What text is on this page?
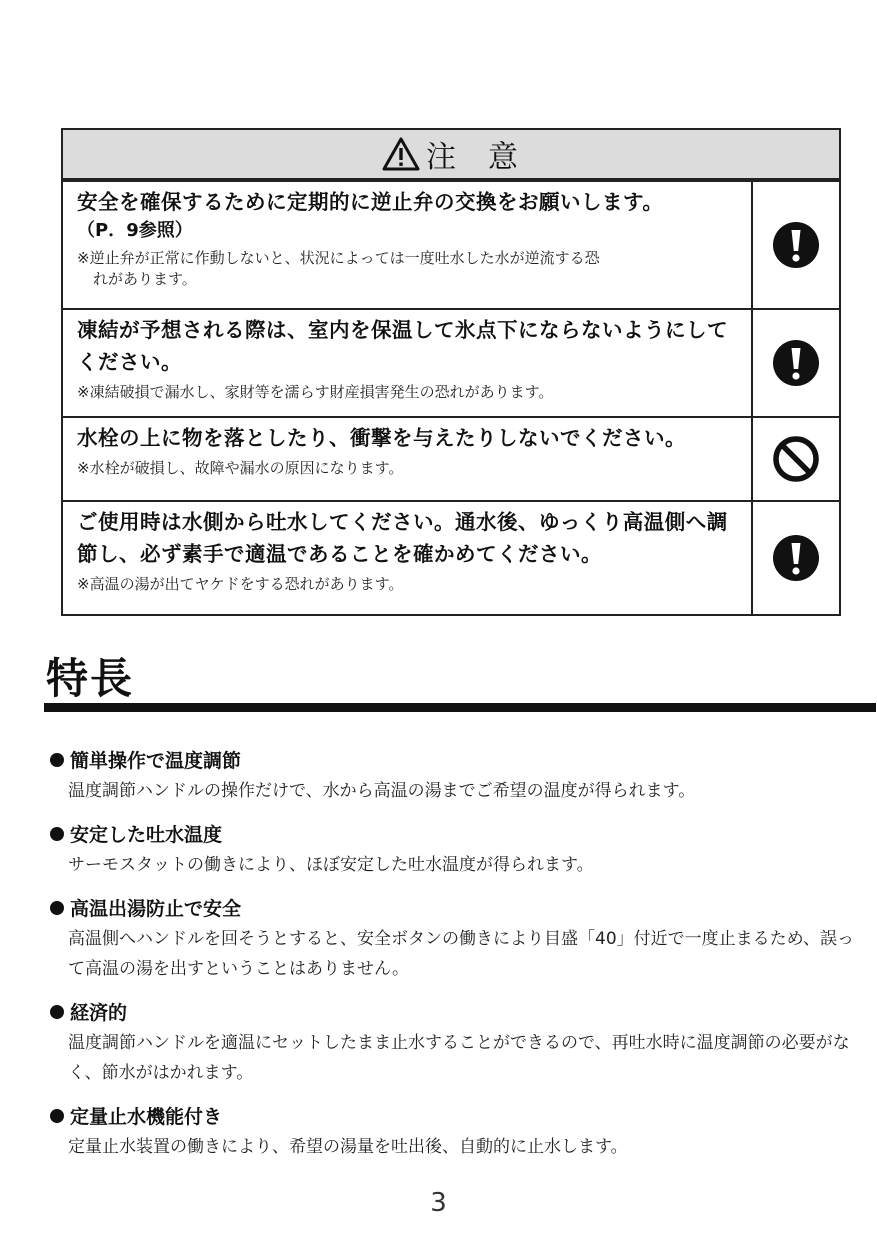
注 意
安全を確保するために定期的に逆止弁の交換をお願いします。
（P．9参照）
※逆止弁が正常に作動しないと、状況によっては一度吐水した水が逆流する恐
れがあります。
凍結が予想される際は、室内を保温して氷点下にならないようにしてください。
※凍結破損で漏水し、家財等を濡らす財産損害発生の恐れがあります。
水栓の上に物を落としたり、衝撃を与えたりしないでください。
※水栓が破損し、故障や漏水の原因になります。
ご使用時は水側から吐水してください。通水後、ゆっくり高温側へ調節し、必ず素手で適温であることを確かめてください。
※高温の湯が出てヤケドをする恐れがあります。
特長
簡単操作で温度調節
温度調節ハンドルの操作だけで、水から高温の湯までご希望の温度が得られます。
安定した吐水温度
サーモスタットの働きにより、ほぼ安定した吐水温度が得られます。
高温出湯防止で安全
高温側へハンドルを回そうとすると、安全ボタンの働きにより目盛「40」付近で一度止まるため、誤って高温の湯を出すということはありません。
経済的
温度調節ハンドルを適温にセットしたまま止水することができるので、再吐水時に温度調節の必要がなく、節水がはかれます。
定量止水機能付き
定量止水装置の働きにより、希望の湯量を吐出後、自動的に止水します。
3
